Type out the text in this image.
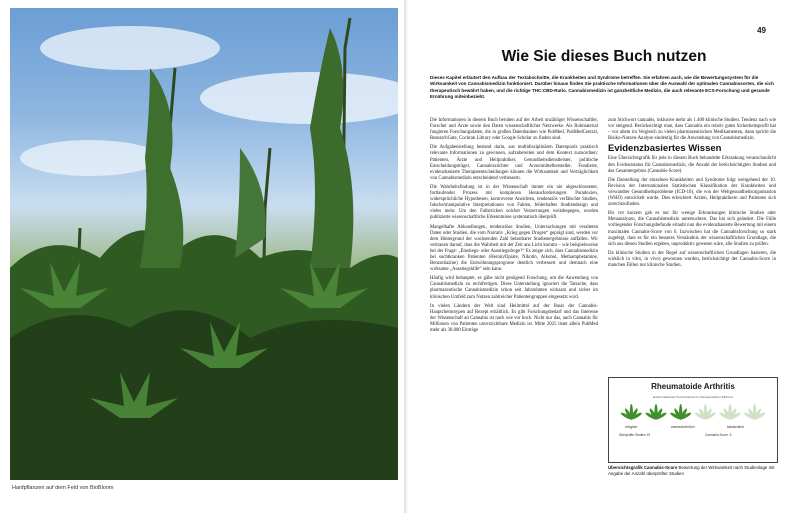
Hanfpflanzen auf dem Feld von BioBloom
49
Wie Sie dieses Buch nutzen
Dieses Kapitel erläutert den Aufbau der Textabschnitte, die Krankheiten und Syndrome betreffen. Sie erfahren auch, wie die Bewertungssystem für die Wirksamkeit von Cannabismedizin funktioniert. Darüber hinaus finden Sie praktische Informationen über die Auswahl der optimalen Cannabissorten, die sich therapeutisch bewährt haben, und die richtige THC:CBD-Ratio. Cannabismedizin ist ganzheitliche Medizin, die auch relevante ECS-Forschung und gesunde Ernährung miteinbezieht.

Die Informationen in diesem Buch beruhen auf der Arbeit unzähliger Wissenschaftler, Forscher und Ärzte sowie den Daten wissenschaftlicher Netzwerke. Als Rohmaterial fungieren Forschungsdaten, die in großen Datenbanken wie PubMed, PubMedCentral, ResearchGate, Cochran Library oder Google Scholar zu finden sind.

Die Aufgabenstellung bestand darin, aus multidisziplinären Datenpools praktisch relevante Informationen zu gewinnen, aufzubereiten und dem Kontext zuzuordnen: Patienten, Ärzte und Heilpraktiker, Gesundheitsdienstleister, politische Entscheidungsträger, Cannabiszüchter und Arzneimittelhersteller. Fundierte, evidenzbasierte Therapieentscheidungen können die Wirksamkeit und Verträglichkeit von Cannabismedizin entscheidend verbessern.

Die Wahrheitsfindung ist in der Wissenschaft immer ein nie abgeschlossener, fortlaufender Prozess mit komplexen Herausforderungen: Paradoxien, widersprüchliche Hypothesen, kontroverse Ansichten, tendenziös verfälschte Studien, falsche/manipulative Interpretationen von Fakten, fehlerhaftes Studiendesign und vieles mehr. Um den Fallstricken solcher Verzerrungen weitsbegegen, wurden publizierte wissenschaftliche Erkenntnisse systematisch überprüft.

Mangelhafte Abhandlungen, tendenziöse Studien, Untersuchungen mit veralteten Daten oder Studien, die vom Narrativ „Krieg gegen Drogen“ geprägt sind, werden vor dem Hintergrund der wachsenden Zahl belastbarer Studienergebnisse auffallen. Wir vertrauen darauf, dass die Wahrheit mit der Zeit ans Licht kommt – wie beispielsweise bei der Frage: „Einstiegs- oder Ausstiegsdroge?“ Es zeigte sich, dass Cannabismedizin bei suchtkranken Patienten (Heroin/Opiate, Nikotin, Alkohol, Methamphetamine, Benzodiazine) die Entwöhnungsprognose deutlich verbessert und demnach eine wirksame „Ausstiegshilfe“ sein kann.

Häufig wird behauptet, es gäbe nicht genügend Forschung, um die Anwendung von Cannabismedizin zu rechtfertigen. Diese Unterstellung ignoriert die Tatsache, dass pharmazeutische Cannabismedizin schon seit Jahrzehnten wirksam und sicher im klinischen Umfeld zum Nutzen zahlreicher Patientengruppen eingesetzt wird.

In vielen Ländern der Welt sind Heilmittel auf der Basis der Cannabis-Hauptchemotypen auf Rezept erhältlich. Es gibt Forschungsbedarf und das Interesse der Wissenschaft an Cannabis ist nach wie vor hoch. Nicht nur das, auch Cannabis für Millionen von Patienten unverzichtbare Medizin ist. Mitte 2025 listet allein PubMed mehr als 38.000 Einträge

zum Stichwort cannabis, inklusive mehr als 1.400 klinische Studien. Tendenz nach wie vor steigend. Berücksichtigt man, dass Cannabis ein relativ gutes Sicherheitsprofil hat – vor allem im Vergleich zu vielen pharmazeutischen Medikamenten, dann spricht die Risiko-Nutzen-Analyse eindeutig für die Anwendung von Cannabismedizin.

Evidenzbasiertes Wissen

Eine Übersichtsgrafik für jede in diesem Buch behandelte Erkrankung veranschaulicht den Evidenzstatus für Cannabismedizin, die Anzahl der berücksichtigten Studien und das Gesamtergebnis (Cannabis-Score).

Die Darstellung der einzelnen Krankheiten und Syndrome folgt weitgehend der 10. Revision der Internationalen Statistischen Klassifikation der Krankheiten und verwandter Gesundheitsprobleme (ICD-10), die von der Weltgesundheitsorganisation (WHO) entwickelt wurde. Dies erleichtert Ärzten, Heilpraktikern und Patienten sich zurechtzufinden.

Bis vor kurzem gab es nur für wenige Erkrankungen klinische Studien oder Metaanalysen, die Cannabismedizin untersuchten. Das hat sich geändert. Die Fülle vorliegender Forschungsbefunde erlaubt nun die evidenzbasierte Bewertung mit einem maximalen Cannabis-Score von 6. Inzwischen hat die Cannabisforschung so stark zugelegt, dass es für ein besseres Verständnis der wissenschaftlichen Grundlage, die sich aus diesen Studien ergeben, unproduktiv gewesen wäre, alle Studien zu prüfen.

Da klinische Studien in der Regel auf wissenschaftlichen Grundlagen basieren, die wirklich in vitro, in vivo) gewonnen wurden, berücksichtigt der Cannabis-Score in manchen Fällen nur klinische Studien.

Rheumatoide Arthritis
Evidenzbasierter Kenntnisstand zu therapeutischer Effizienz
möglich	wahrscheinlich	tatsächlich
Überprüfte Studien 19	Cannabis-Score: 3
Übersichtsgrafik Cannabis-Score Bewertung der Wirksamkeit nach Studienlage mit Angabe der Anzahl überprüfter Studien
